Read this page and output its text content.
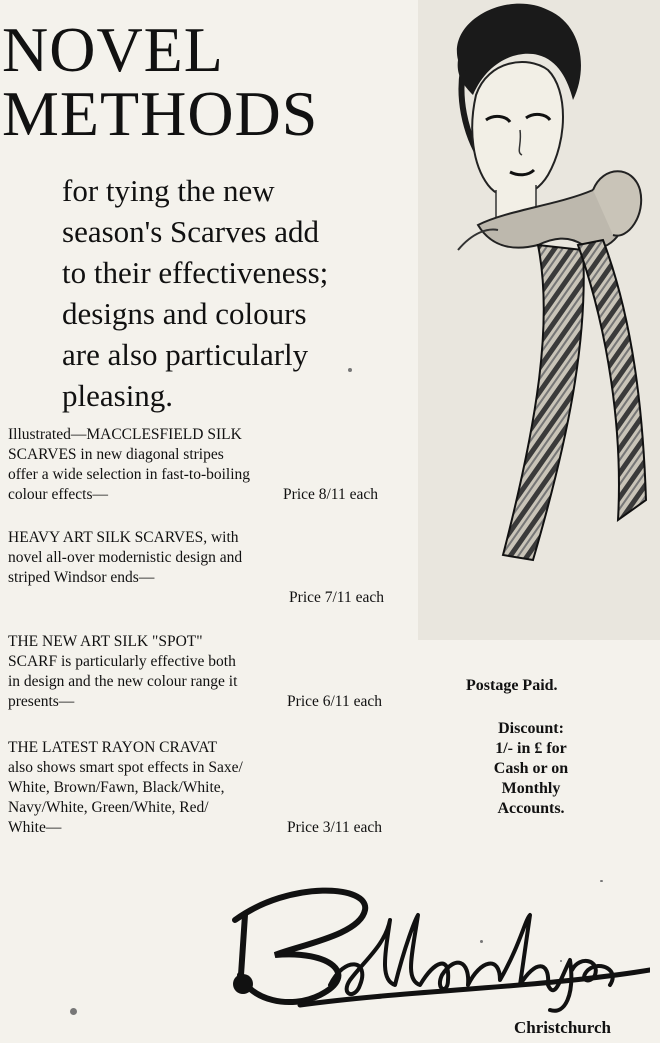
NOVEL
METHODS
for tying the new
season's Scarves add
to their effectiveness;
designs and colours
are also particularly
pleasing.
Illustrated—MACCLESFIELD SILK
SCARVES in new diagonal stripes
offer a wide selection in fast-to-boiling
colour effects—	Price 8/11 each
HEAVY ART SILK SCARVES, with
novel all-over modernistic design and
striped Windsor ends—
Price 7/11 each
THE NEW ART SILK "SPOT"
SCARF is particularly effective both
in design and the new colour range it
presents—	Price 6/11 each
THE LATEST RAYON CRAVAT
also shows smart spot effects in Saxe/
White, Brown/Fawn, Black/White,
Navy/White, Green/White, Red/
White—	Price 3/11 each
Postage Paid.
Discount:
1/- in £ for
Cash or on
Monthly
Accounts.
Christchurch
